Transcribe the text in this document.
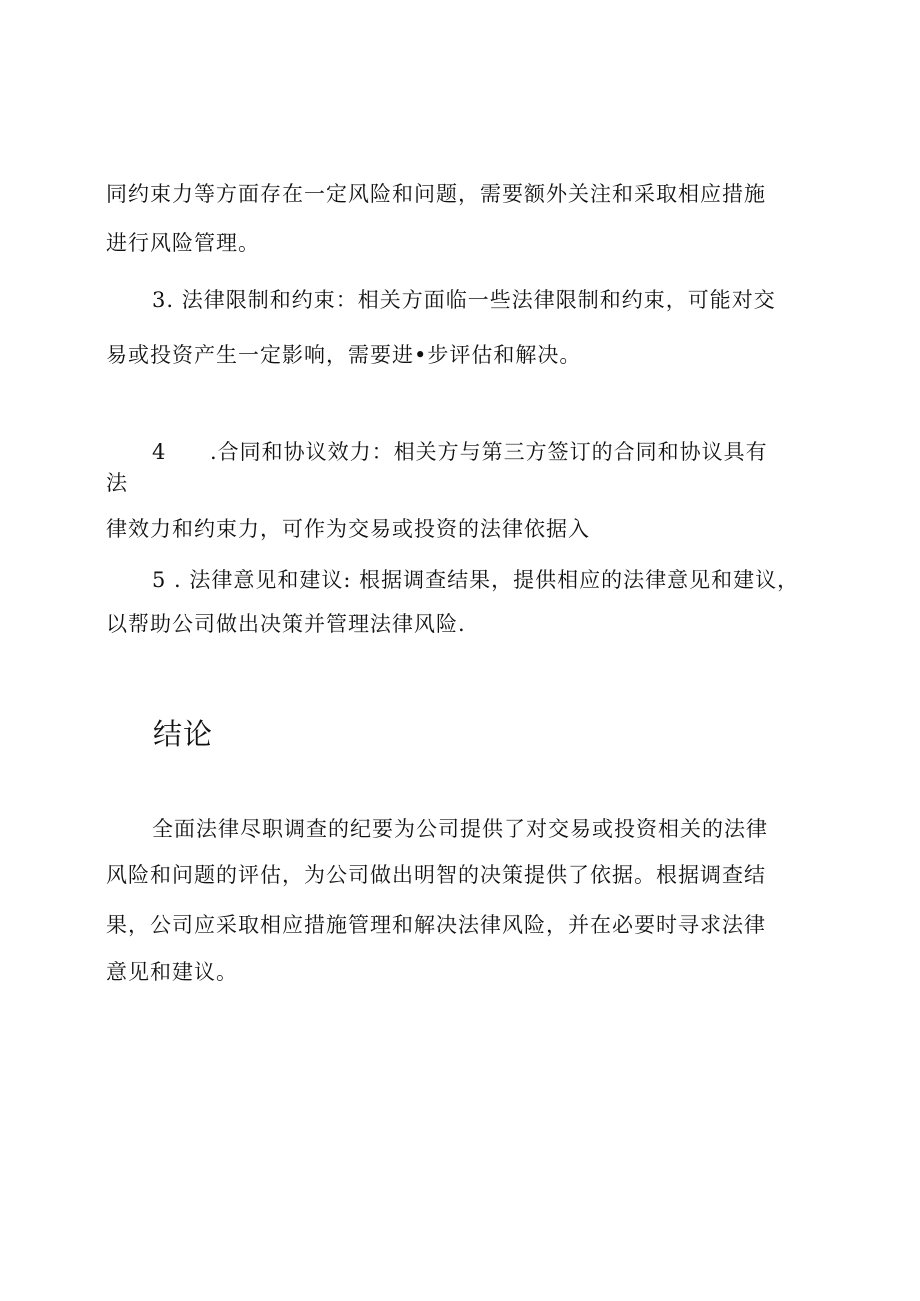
同约束力等方面存在一定风险和问题，需要额外关注和采取相应措施
进行风险管理。
3. 法律限制和约束：相关方面临一些法律限制和约束，可能对交
易或投资产生一定影响，需要进•步评估和解决。
4 .合同和协议效力：相关方与第三方签订的合同和协议具有
法
律效力和约束力，可作为交易或投资的法律依据入
5 . 法律意见和建议: 根据调查结果，提供相应的法律意见和建议，
以帮助公司做出决策并管理法律风险.
结论
全面法律尽职调查的纪要为公司提供了对交易或投资相关的法律
风险和问题的评估，为公司做出明智的决策提供了依据。根据调查结
果，公司应采取相应措施管理和解决法律风险，并在必要时寻求法律
意见和建议。
